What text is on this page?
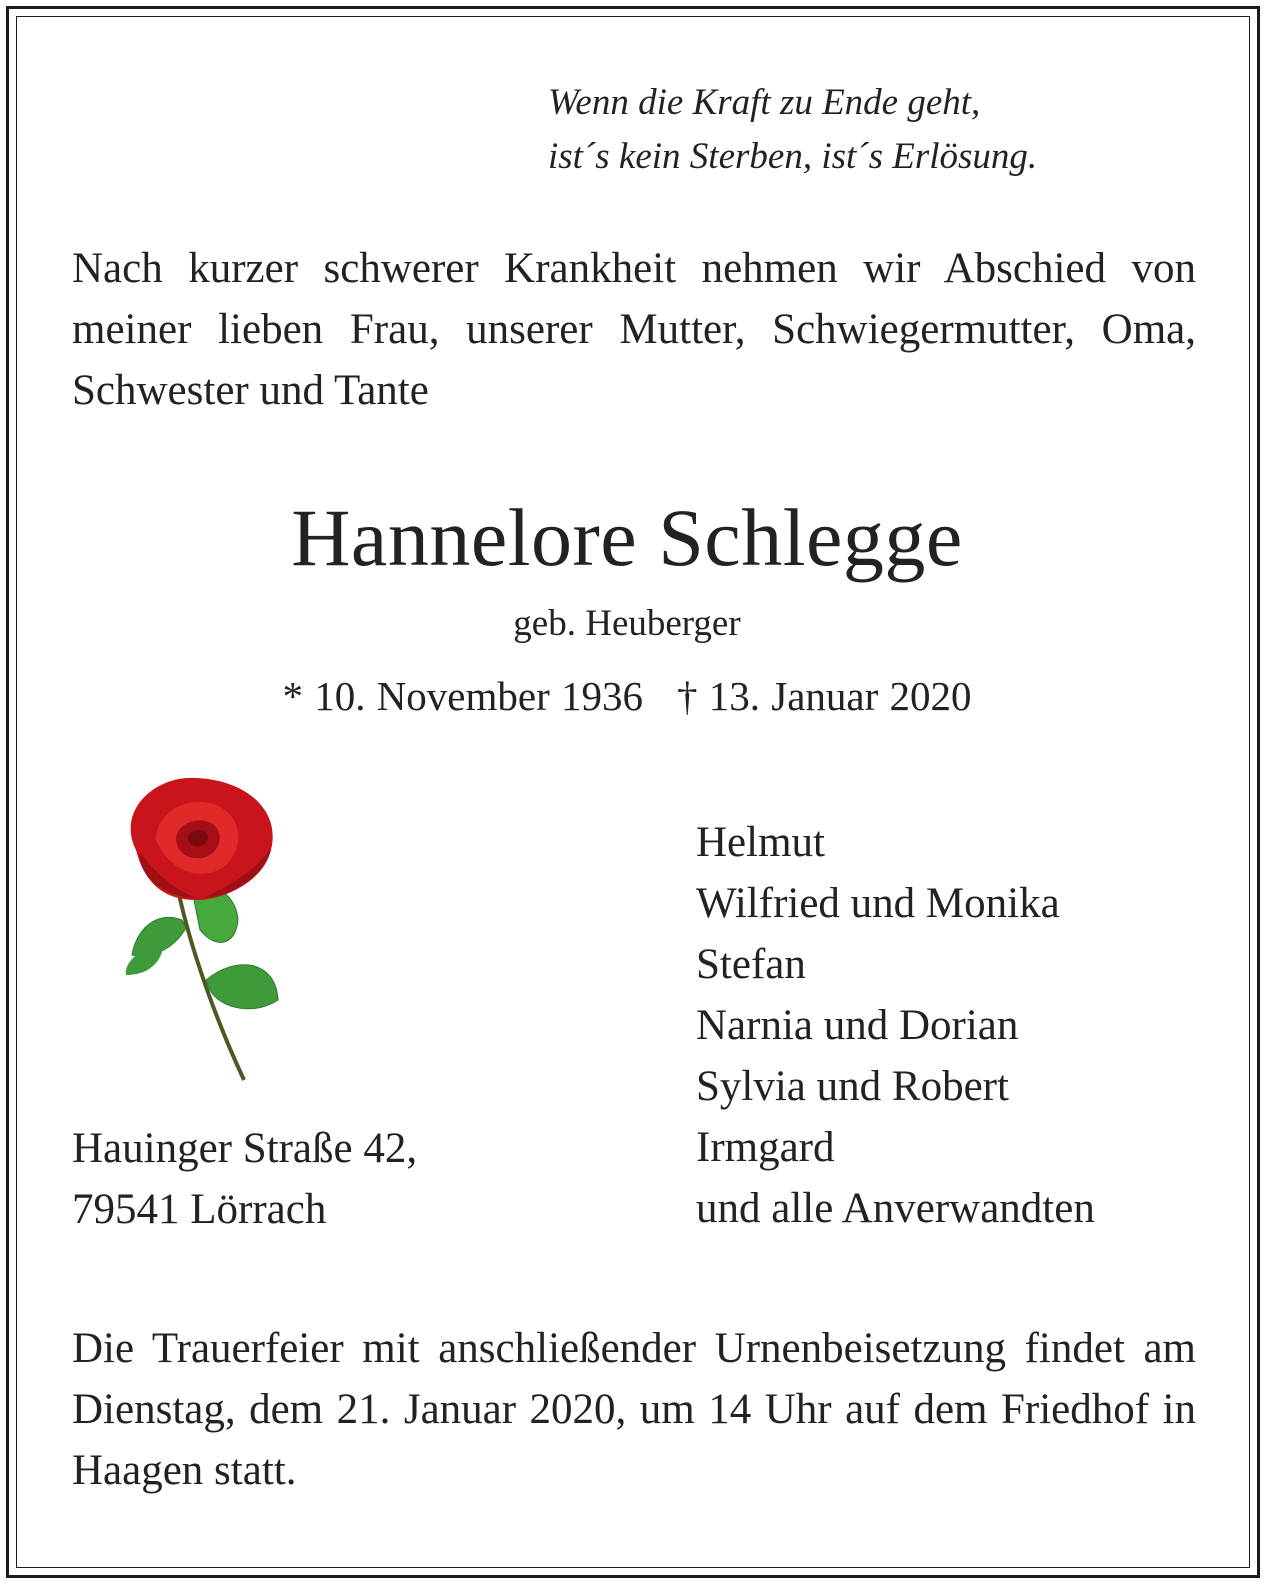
Wenn die Kraft zu Ende geht,
ist´s kein Sterben, ist´s Erlösung.
Nach kurzer schwerer Krankheit nehmen wir Abschied von meiner lieben Frau, unserer Mutter, Schwiegermutter, Oma, Schwester und Tante
Hannelore Schlegge
geb. Heuberger
* 10. November 1936 † 13. Januar 2020
Hauinger Straße 42,
79541 Lörrach
Helmut
Wilfried und Monika
Stefan
Narnia und Dorian
Sylvia und Robert
Irmgard
und alle Anverwandten
Die Trauerfeier mit anschließender Urnenbeisetzung findet am Dienstag, dem 21. Januar 2020, um 14 Uhr auf dem Friedhof in Haagen statt.
